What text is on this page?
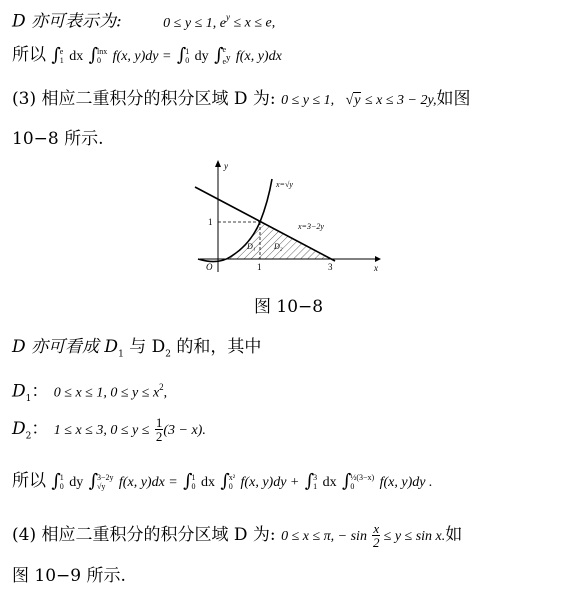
D 亦可表示为:	0 ≤ y ≤ 1, $e^y \le x \le e$,
所以 ∫e
1 dx ∫lnx
0 f(x, y)dy = ∫1
0 dy ∫e
ey f(x, y)dx
(3) 相应二重积分的积分区域 D 为: 0 ≤ y ≤ 1, √y ≤ x ≤ 3 − 2y,如图
10−8 所示.
y
x
O
1
1	3
x=√y
x=3−2y
D₁ D₂
图 10−8
D 亦可看成 $D_1$ 与 $D_2$ 的和，其中
$D_1$： 0 ≤ x ≤ 1, $0 \le y \le x^2$,
$D_2$： 1 ≤ x ≤ 3, $0 \le y \le \frac{1}{2} (3 - x)$.
所以 ∫1
0 dy ∫3−2y
√y f(x, y)dx = ∫1
0 dx ∫x²
0 f(x, y)dy + ∫3
1 dx ∫½(3−x)
0 f(x, y)dy .
(4) 相应二重积分的积分区域 D 为: 0 ≤ x ≤ π, − $\sin \frac{x}{2} \le y \le \sin x$.如
图 10−9 所示.
